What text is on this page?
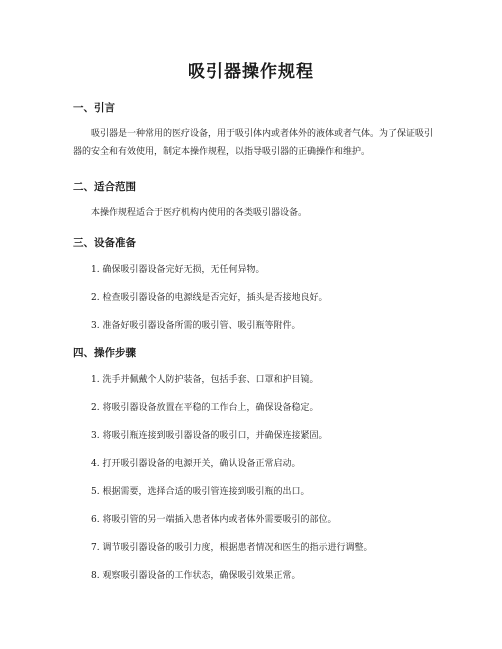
吸引器操作规程
一、引言

吸引器是一种常用的医疗设备，用于吸引体内或者体外的液体或者气体。为了保证吸引器的安全和有效使用，制定本操作规程，以指导吸引器的正确操作和维护。

二、适合范围

本操作规程适合于医疗机构内使用的各类吸引器设备。

三、设备准备

1. 确保吸引器设备完好无损，无任何异物。

2. 检查吸引器设备的电源线是否完好，插头是否接地良好。

3. 准备好吸引器设备所需的吸引管、吸引瓶等附件。

四、操作步骤

1. 洗手并佩戴个人防护装备，包括手套、口罩和护目镜。

2. 将吸引器设备放置在平稳的工作台上，确保设备稳定。

3. 将吸引瓶连接到吸引器设备的吸引口，并确保连接紧固。

4. 打开吸引器设备的电源开关，确认设备正常启动。

5. 根据需要，选择合适的吸引管连接到吸引瓶的出口。

6. 将吸引管的另一端插入患者体内或者体外需要吸引的部位。

7. 调节吸引器设备的吸引力度，根据患者情况和医生的指示进行调整。

8. 观察吸引器设备的工作状态，确保吸引效果正常。
